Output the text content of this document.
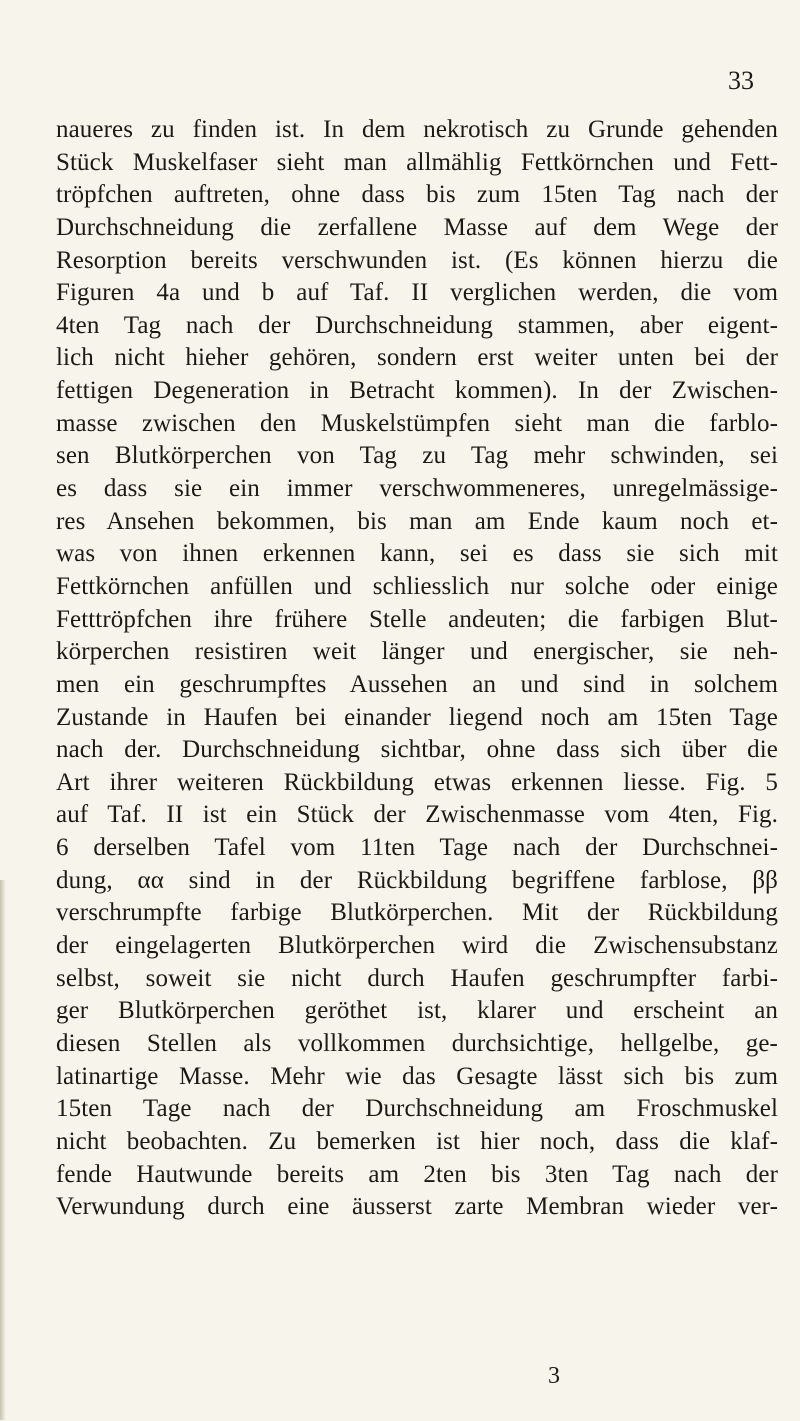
33
naueres zu finden ist. In dem nekrotisch zu Grunde gehenden
Stück Muskelfaser sieht man allmählig Fettkörnchen und Fett-
tröpfchen auftreten, ohne dass bis zum 15ten Tag nach der
Durchschneidung die zerfallene Masse auf dem Wege der
Resorption bereits verschwunden ist. (Es können hierzu die
Figuren 4a und b auf Taf. II verglichen werden, die vom
4ten Tag nach der Durchschneidung stammen, aber eigent-
lich nicht hieher gehören, sondern erst weiter unten bei der
fettigen Degeneration in Betracht kommen). In der Zwischen-
masse zwischen den Muskelstümpfen sieht man die farblo-
sen Blutkörperchen von Tag zu Tag mehr schwinden, sei
es dass sie ein immer verschwommeneres, unregelmässige-
res Ansehen bekommen, bis man am Ende kaum noch et-
was von ihnen erkennen kann, sei es dass sie sich mit
Fettkörnchen anfüllen und schliesslich nur solche oder einige
Fetttröpfchen ihre frühere Stelle andeuten; die farbigen Blut-
körperchen resistiren weit länger und energischer, sie neh-
men ein geschrumpftes Aussehen an und sind in solchem
Zustande in Haufen bei einander liegend noch am 15ten Tage
nach der. Durchschneidung sichtbar, ohne dass sich über die
Art ihrer weiteren Rückbildung etwas erkennen liesse. Fig. 5
auf Taf. II ist ein Stück der Zwischenmasse vom 4ten, Fig.
6 derselben Tafel vom 11ten Tage nach der Durchschnei-
dung, αα sind in der Rückbildung begriffene farblose, ββ
verschrumpfte farbige Blutkörperchen. Mit der Rückbildung
der eingelagerten Blutkörperchen wird die Zwischensubstanz
selbst, soweit sie nicht durch Haufen geschrumpfter farbi-
ger Blutkörperchen geröthet ist, klarer und erscheint an
diesen Stellen als vollkommen durchsichtige, hellgelbe, ge-
latinartige Masse. Mehr wie das Gesagte lässt sich bis zum
15ten Tage nach der Durchschneidung am Froschmuskel
nicht beobachten. Zu bemerken ist hier noch, dass die klaf-
fende Hautwunde bereits am 2ten bis 3ten Tag nach der
Verwundung durch eine äusserst zarte Membran wieder ver-
3
